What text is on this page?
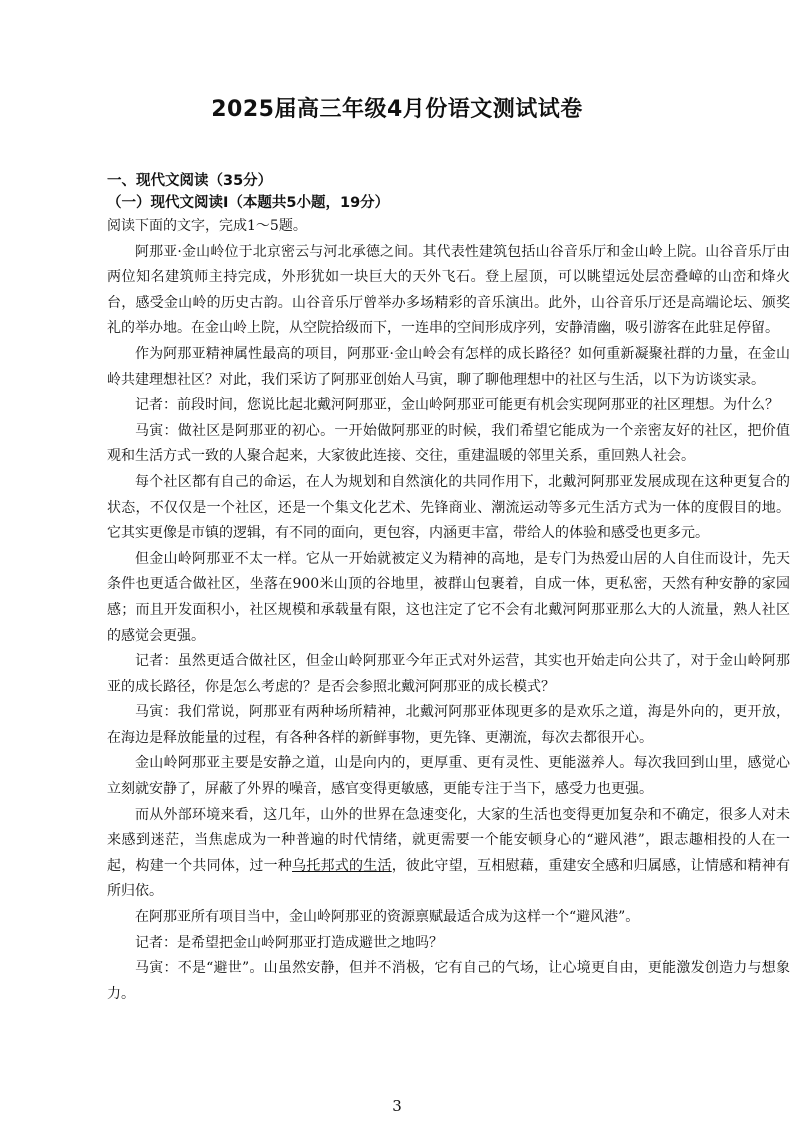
2025届高三年级4月份语文测试试卷

一、现代文阅读（35分）

（一）现代文阅读Ⅰ（本题共5小题，19分）

阅读下面的文字，完成1～5题。

阿那亚·金山岭位于北京密云与河北承德之间。其代表性建筑包括山谷音乐厅和金山岭上院。山谷音乐厅由两位知名建筑师主持完成，外形犹如一块巨大的天外飞石。登上屋顶，可以眺望远处层峦叠嶂的山峦和烽火台，感受金山岭的历史古韵。山谷音乐厅曾举办多场精彩的音乐演出。此外，山谷音乐厅还是高端论坛、颁奖礼的举办地。在金山岭上院，从空院拾级而下，一连串的空间形成序列，安静清幽，吸引游客在此驻足停留。

作为阿那亚精神属性最高的项目，阿那亚·金山岭会有怎样的成长路径？如何重新凝聚社群的力量，在金山岭共建理想社区？对此，我们采访了阿那亚创始人马寅，聊了聊他理想中的社区与生活，以下为访谈实录。

记者：前段时间，您说比起北戴河阿那亚，金山岭阿那亚可能更有机会实现阿那亚的社区理想。为什么？

马寅：做社区是阿那亚的初心。一开始做阿那亚的时候，我们希望它能成为一个亲密友好的社区，把价值观和生活方式一致的人聚合起来，大家彼此连接、交往，重建温暖的邻里关系，重回熟人社会。

每个社区都有自己的命运，在人为规划和自然演化的共同作用下，北戴河阿那亚发展成现在这种更复合的状态，不仅仅是一个社区，还是一个集文化艺术、先锋商业、潮流运动等多元生活方式为一体的度假目的地。它其实更像是市镇的逻辑，有不同的面向，更包容，内涵更丰富，带给人的体验和感受也更多元。

但金山岭阿那亚不太一样。它从一开始就被定义为精神的高地，是专门为热爱山居的人自住而设计，先天条件也更适合做社区，坐落在900米山顶的谷地里，被群山包裹着，自成一体，更私密，天然有种安静的家园感；而且开发面积小，社区规模和承载量有限，这也注定了它不会有北戴河阿那亚那么大的人流量，熟人社区的感觉会更强。

记者：虽然更适合做社区，但金山岭阿那亚今年正式对外运营，其实也开始走向公共了，对于金山岭阿那亚的成长路径，你是怎么考虑的？是否会参照北戴河阿那亚的成长模式？

马寅：我们常说，阿那亚有两种场所精神，北戴河阿那亚体现更多的是欢乐之道，海是外向的，更开放，在海边是释放能量的过程，有各种各样的新鲜事物，更先锋、更潮流，每次去都很开心。

金山岭阿那亚主要是安静之道，山是向内的，更厚重、更有灵性、更能滋养人。每次我回到山里，感觉心立刻就安静了，屏蔽了外界的噪音，感官变得更敏感，更能专注于当下，感受力也更强。

而从外部环境来看，这几年，山外的世界在急速变化，大家的生活也变得更加复杂和不确定，很多人对未来感到迷茫，当焦虑成为一种普遍的时代情绪，就更需要一个能安顿身心的“避风港”，跟志趣相投的人在一起，构建一个共同体，过一种乌托邦式的生活，彼此守望，互相慰藉，重建安全感和归属感，让情感和精神有所归依。

在阿那亚所有项目当中，金山岭阿那亚的资源禀赋最适合成为这样一个“避风港”。

记者：是希望把金山岭阿那亚打造成避世之地吗？

马寅：不是“避世”。山虽然安静，但并不消极，它有自己的气场，让心境更自由，更能激发创造力与想象力。

3
